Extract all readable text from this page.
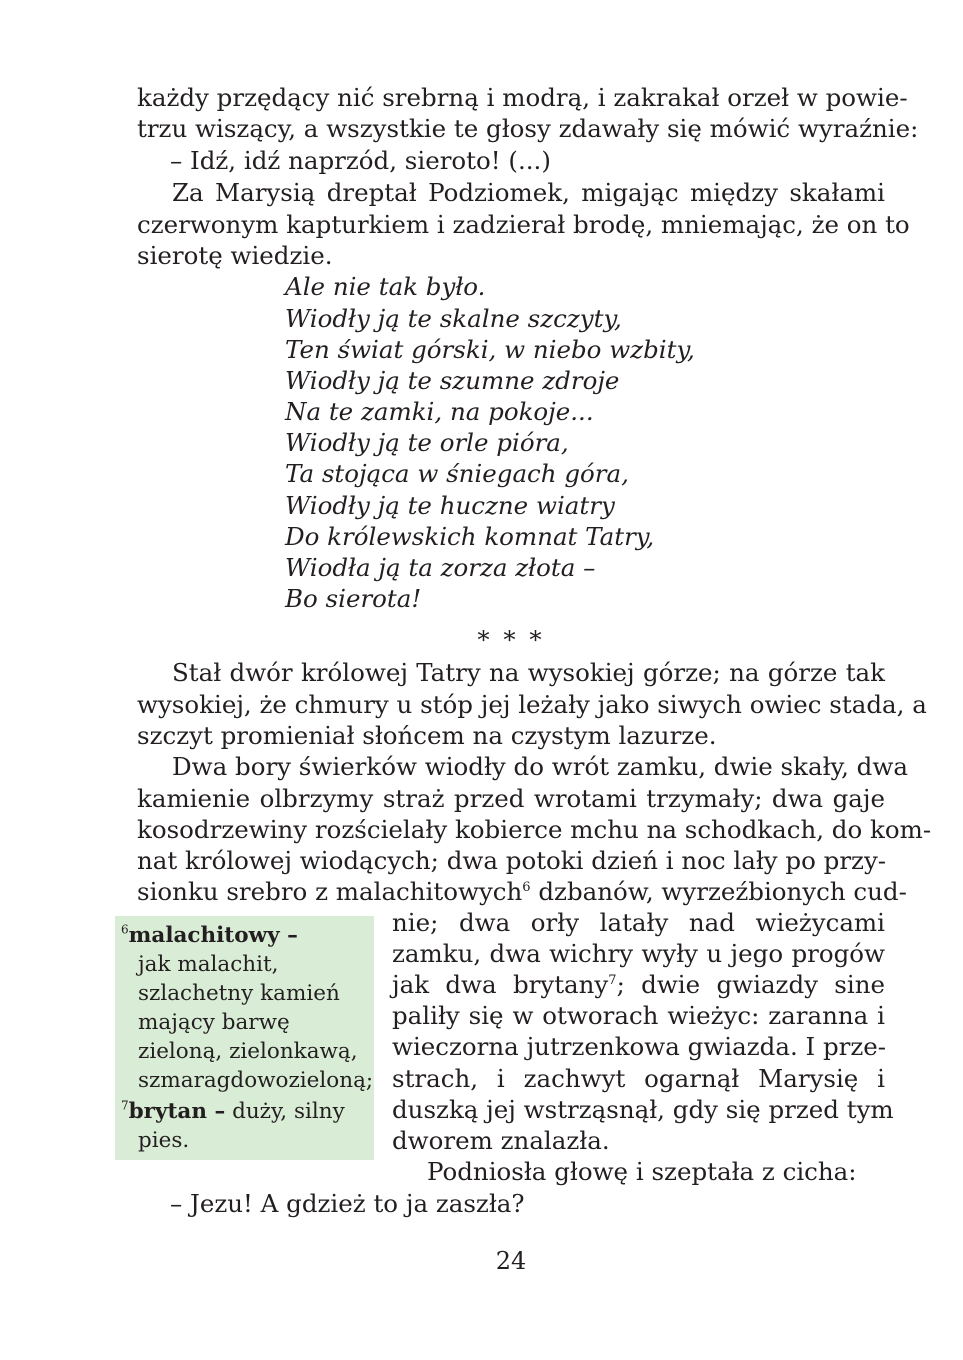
każdy przędący nić srebrną i modrą, i zakrakał orzeł w powie-
trzu wiszący, a wszystkie te głosy zdawały się mówić wyraźnie:
– Idź, idź naprzód, sieroto! (...)
Za Marysią dreptał Podziomek, migając między skałami
czerwonym kapturkiem i zadzierał brodę, mniemając, że on to
sierotę wiedzie.
Ale nie tak było.
Wiodły ją te skalne szczyty,
Ten świat górski, w niebo wzbity,
Wiodły ją te szumne zdroje
Na te zamki, na pokoje...
Wiodły ją te orle pióra,
Ta stojąca w śniegach góra,
Wiodły ją te huczne wiatry
Do królewskich komnat Tatry,
Wiodła ją ta zorza złota –
Bo sierota!
* * *
Stał dwór królowej Tatry na wysokiej górze; na górze tak
wysokiej, że chmury u stóp jej leżały jako siwych owiec stada, a
szczyt promieniał słońcem na czystym lazurze.
Dwa bory świerków wiodły do wrót zamku, dwie skały, dwa
kamienie olbrzymy straż przed wrotami trzymały; dwa gaje
kosodrzewiny rozścielały kobierce mchu na schodkach, do kom-
nat królowej wiodących; dwa potoki dzień i noc lały po przy-
sionku srebro z malachitowych$^6$ dzbanów, wyrzeźbionych cud-
nie; dwa orły latały nad wieżycami
zamku, dwa wichry wyły u jego progów
jak dwa brytany$^7$; dwie gwiazdy sine
paliły się w otworach wieżyc: zaranna i
wieczorna jutrzenkowa gwiazda. I prze-
strach, i zachwyt ogarnął Marysię i
duszką jej wstrząsnął, gdy się przed tym
dworem znalazła.
Podniosła głowę i szeptała z cicha:
– Jezu! A gdzież to ja zaszła?
$^6$malachitowy –
jak malachit,
szlachetny kamień
mający barwę
zieloną, zielonkawą,
szmaragdowozieloną;
$^7$brytan – duży, silny
pies.
24
